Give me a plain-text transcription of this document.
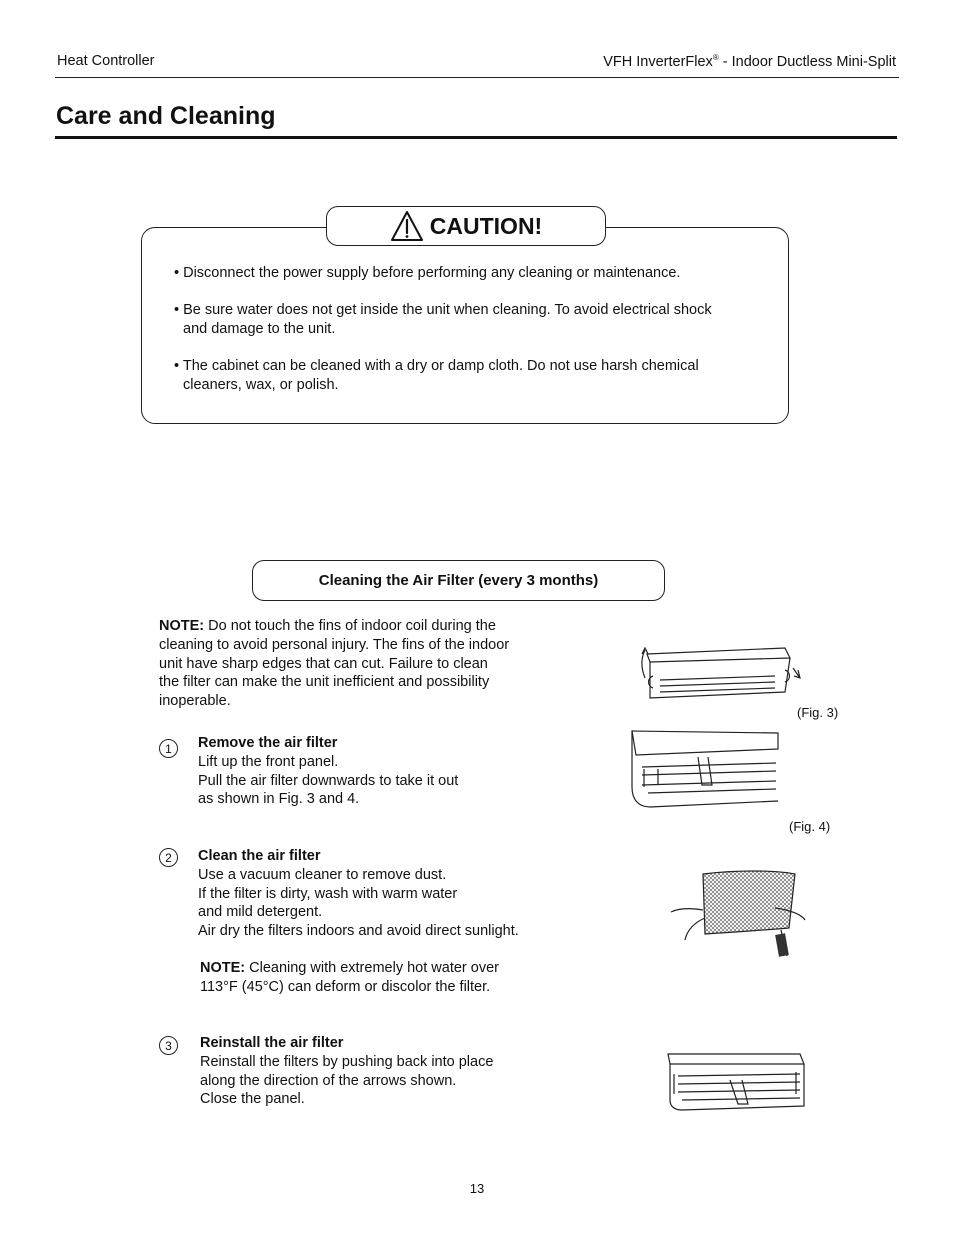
Heat Controller	VFH InverterFlex® - Indoor Ductless Mini-Split
Care and Cleaning
CAUTION!
• Disconnect the power supply before performing any cleaning or maintenance.
• Be sure water does not get inside the unit when cleaning. To avoid electrical shock
and damage to the unit.
• The cabinet can be cleaned with a dry or damp cloth. Do not use harsh chemical
cleaners, wax, or polish.
Cleaning the Air Filter (every 3 months)
NOTE: Do not touch the fins of indoor coil during the
cleaning to avoid personal injury. The fins of the indoor
unit have sharp edges that can cut. Failure to clean
the filter can make the unit inefficient and possibility
inoperable.
1	Remove the air filter
Lift up the front panel.
Pull the air filter downwards to take it out
as shown in Fig. 3 and 4.
2	Clean the air filter
Use a vacuum cleaner to remove dust.
If the filter is dirty, wash with warm water
and mild detergent.
Air dry the filters indoors and avoid direct sunlight.
NOTE: Cleaning with extremely hot water over
113°F (45°C) can deform or discolor the filter.
3	Reinstall the air filter
Reinstall the filters by pushing back into place
along the direction of the arrows shown.
Close the panel.
(Fig. 3)
(Fig. 4)
13
